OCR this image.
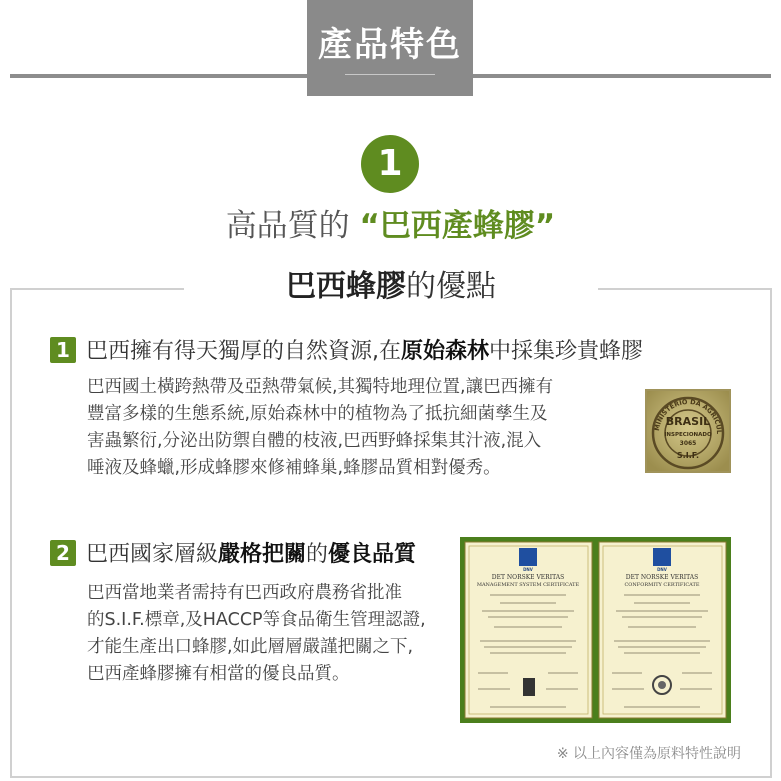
產品特色
1
高品質的 “巴西產蜂膠”
巴西蜂膠的優點
1 巴西擁有得天獨厚的自然資源,在原始森林中採集珍貴蜂膠
巴西國土橫跨熱帶及亞熱帶氣候,其獨特地理位置,讓巴西擁有
豐富多樣的生態系統,原始森林中的植物為了抵抗細菌孳生及
害蟲繁衍,分泌出防禦自體的枝液,巴西野蜂採集其汁液,混入
唾液及蜂蠟,形成蜂膠來修補蜂巢,蜂膠品質相對優秀。
MINISTÉRIO DA AGRICUL
BRASIL
INSPECIONADO
3065
S.I.F.
2 巴西國家層級嚴格把關的優良品質
巴西當地業者需持有巴西政府農務省批准
的S.I.F.標章,及HACCP等食品衛生管理認證,
才能生產出口蜂膠,如此層層嚴謹把關之下,
巴西產蜂膠擁有相當的優良品質。
DNV
DET NORSKE VERITAS
MANAGEMENT SYSTEM CERTIFICATE
DNV
DET NORSKE VERITAS
CONFORMITY CERTIFICATE
※ 以上內容僅為原料特性說明
